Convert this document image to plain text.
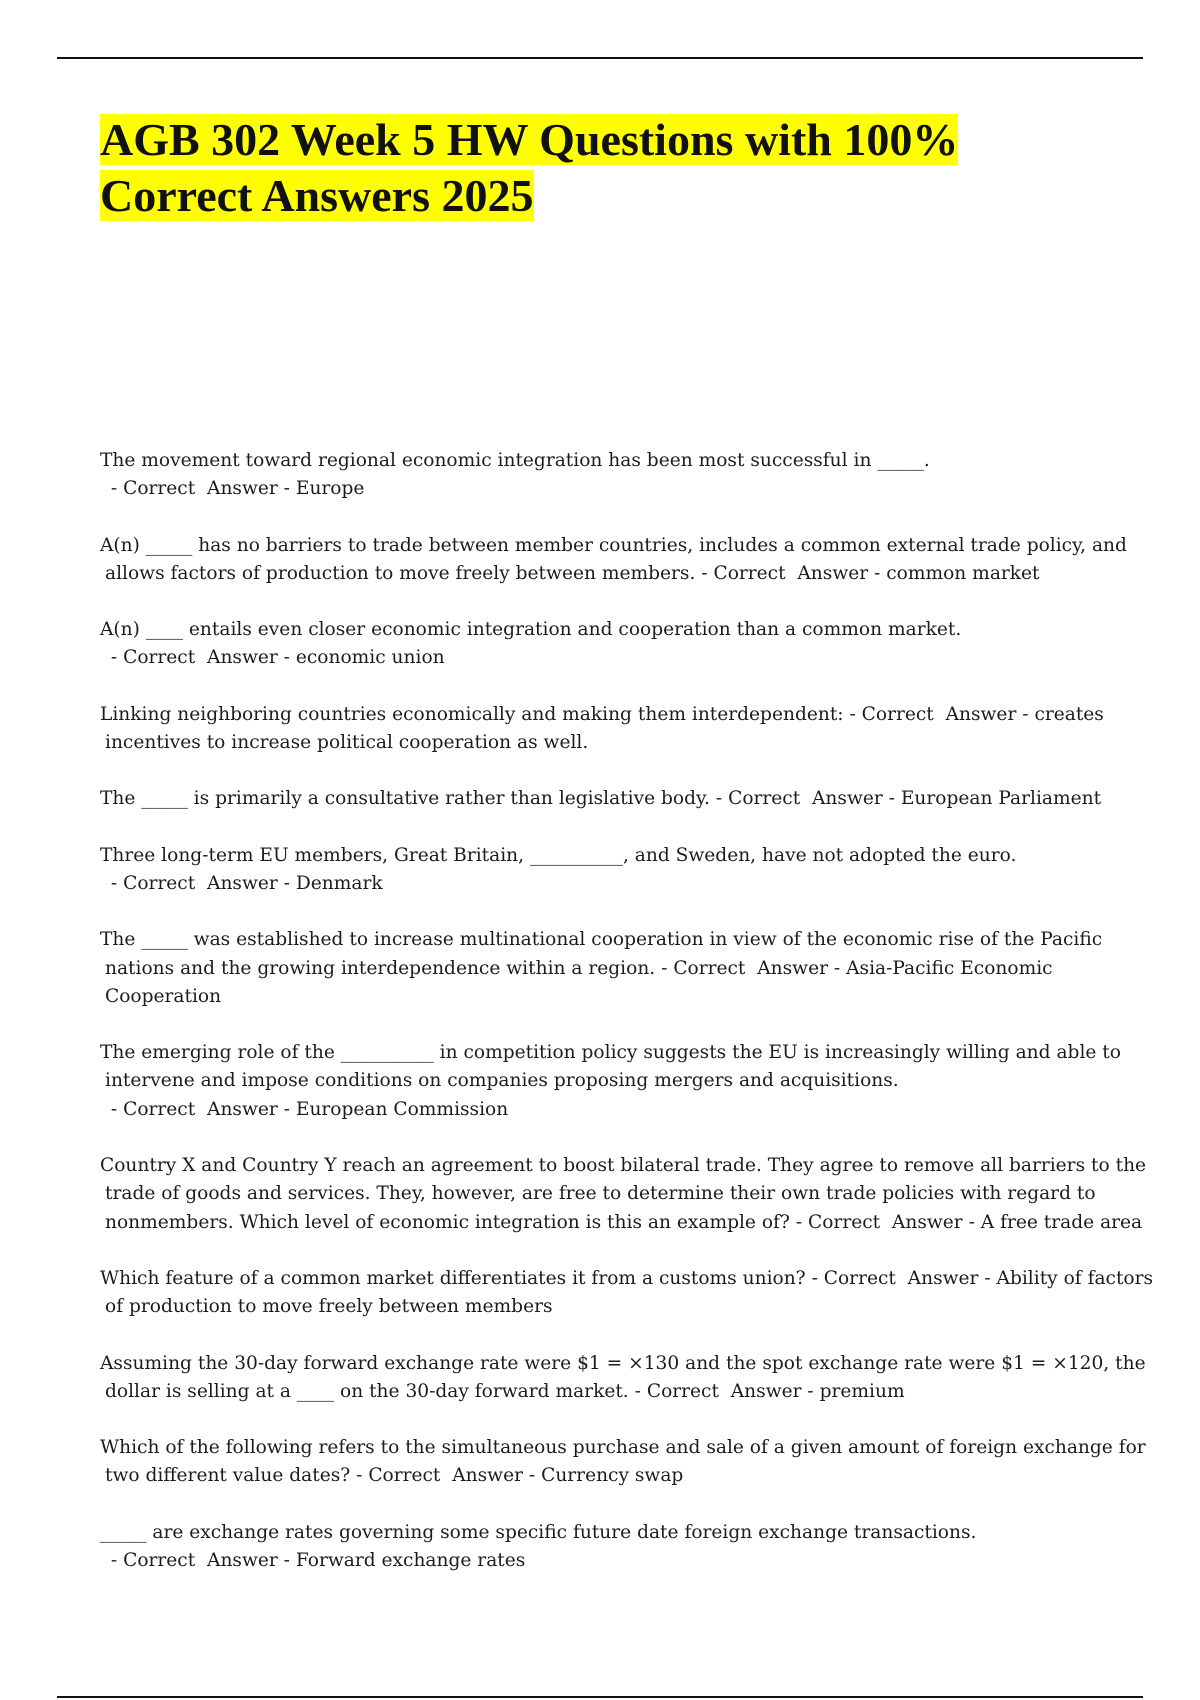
AGB 302 Week 5 HW Questions with 100%
Correct Answers 2025
The movement toward regional economic integration has been most successful in _____. - Correct  Answer - Europe
A(n) _____ has no barriers to trade between member countries, includes a common external trade policy, and allows factors of production to move freely between members. - Correct  Answer - common market
A(n) ____ entails even closer economic integration and cooperation than a common market. - Correct  Answer - economic union
Linking neighboring countries economically and making them interdependent: - Correct  Answer - creates incentives to increase political cooperation as well.
The _____ is primarily a consultative rather than legislative body. - Correct  Answer - European Parliament
Three long-term EU members, Great Britain, __________, and Sweden, have not adopted the euro. - Correct  Answer - Denmark
The _____ was established to increase multinational cooperation in view of the economic rise of the Pacific nations and the growing interdependence within a region. - Correct  Answer - Asia-Pacific Economic Cooperation
The emerging role of the __________ in competition policy suggests the EU is increasingly willing and able to intervene and impose conditions on companies proposing mergers and acquisitions. - Correct  Answer - European Commission
Country X and Country Y reach an agreement to boost bilateral trade. They agree to remove all barriers to the trade of goods and services. They, however, are free to determine their own trade policies with regard to nonmembers. Which level of economic integration is this an example of? - Correct  Answer - A free trade area
Which feature of a common market differentiates it from a customs union? - Correct  Answer - Ability of factors of production to move freely between members
Assuming the 30-day forward exchange rate were $1 = ×130 and the spot exchange rate were $1 = ×120, the dollar is selling at a ____ on the 30-day forward market. - Correct  Answer - premium
Which of the following refers to the simultaneous purchase and sale of a given amount of foreign exchange for two different value dates? - Correct  Answer - Currency swap
_____ are exchange rates governing some specific future date foreign exchange transactions. - Correct  Answer - Forward exchange rates
